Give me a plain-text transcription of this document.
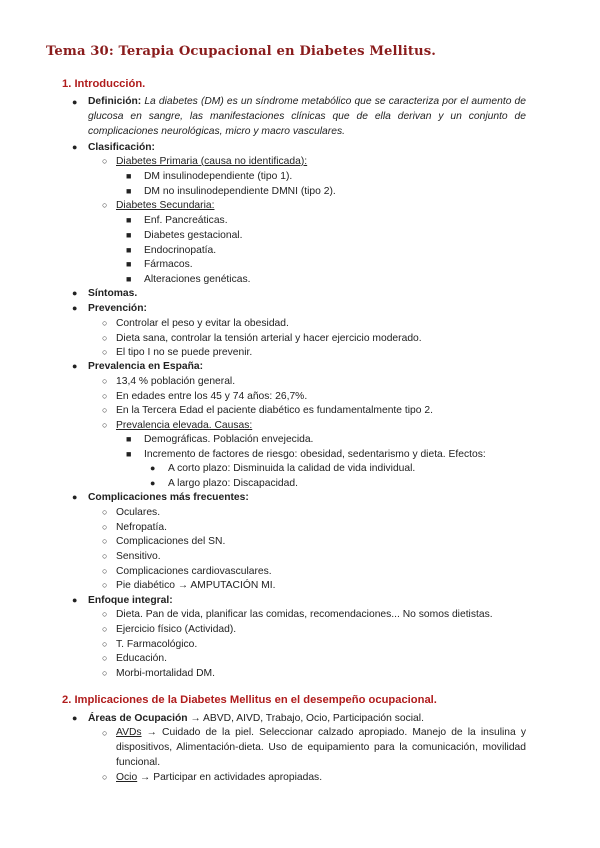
Tema 30: Terapia Ocupacional en Diabetes Mellitus.
1. Introducción.
● Definición: La diabetes (DM) es un síndrome metabólico que se caracteriza por el aumento de glucosa en sangre, las manifestaciones clínicas que de ella derivan y un conjunto de complicaciones neurológicas, micro y macro vasculares.
● Clasificación:
○ Diabetes Primaria (causa no identificada):
■ DM insulinodependiente (tipo 1).
■ DM no insulinodependiente DMNI (tipo 2).
○ Diabetes Secundaria:
■ Enf. Pancreáticas.
■ Diabetes gestacional.
■ Endocrinopatía.
■ Fármacos.
■ Alteraciones genéticas.
● Síntomas.
● Prevención:
○ Controlar el peso y evitar la obesidad.
○ Dieta sana, controlar la tensión arterial y hacer ejercicio moderado.
○ El tipo I no se puede prevenir.
● Prevalencia en España:
○ 13,4 % población general.
○ En edades entre los 45 y 74 años: 26,7%.
○ En la Tercera Edad el paciente diabético es fundamentalmente tipo 2.
○ Prevalencia elevada. Causas:
■ Demográficas. Población envejecida.
■ Incremento de factores de riesgo: obesidad, sedentarismo y dieta. Efectos:
● A corto plazo: Disminuida la calidad de vida individual.
● A largo plazo: Discapacidad.
● Complicaciones más frecuentes:
○ Oculares.
○ Nefropatía.
○ Complicaciones del SN.
○ Sensitivo.
○ Complicaciones cardiovasculares.
○ Pie diabético → AMPUTACIÓN MI.
● Enfoque integral:
○ Dieta. Pan de vida, planificar las comidas, recomendaciones... No somos dietistas.
○ Ejercicio físico (Actividad).
○ T. Farmacológico.
○ Educación.
○ Morbi-mortalidad DM.
2. Implicaciones de la Diabetes Mellitus en el desempeño ocupacional.
● Áreas de Ocupación → ABVD, AIVD, Trabajo, Ocio, Participación social.
○ AVDs → Cuidado de la piel. Seleccionar calzado apropiado. Manejo de la insulina y dispositivos, Alimentación-dieta. Uso de equipamiento para la comunicación, movilidad funcional.
○ Ocio → Participar en actividades apropiadas.
